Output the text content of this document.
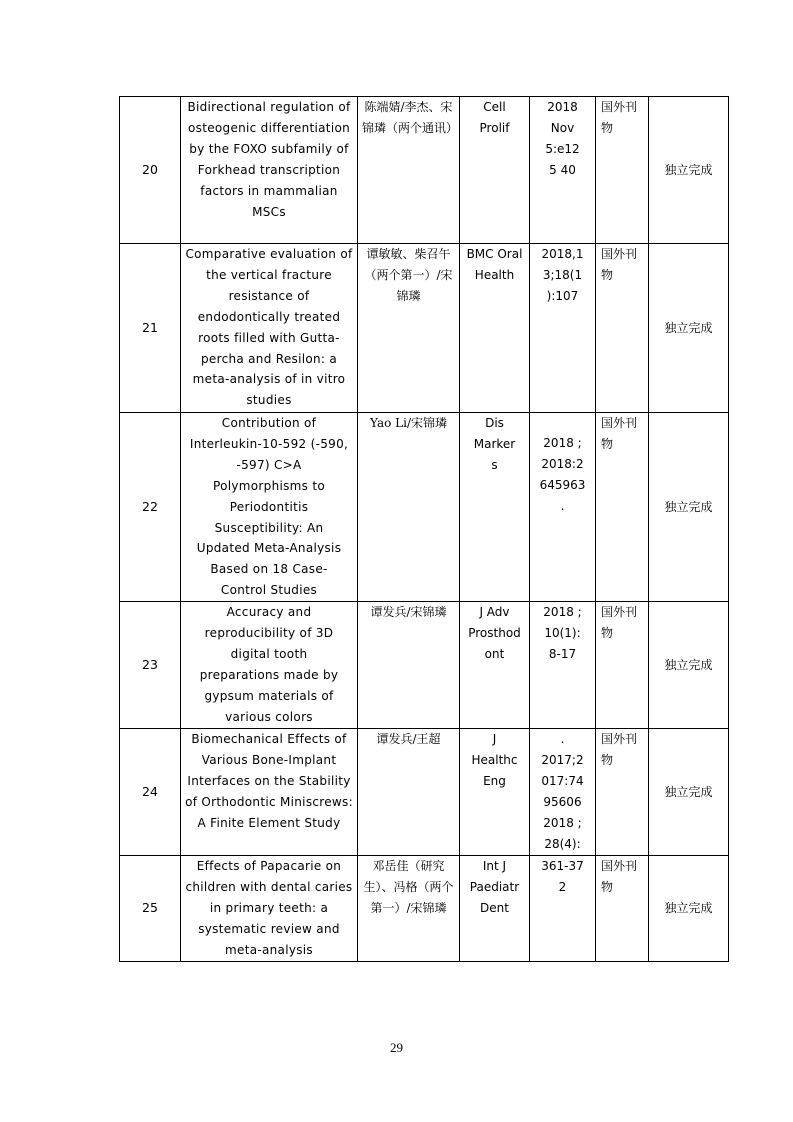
20	Bidirectional regulation of osteogenic differentiation by the FOXO subfamily of Forkhead transcription factors in mammalian MSCs	陈端婧/李杰、宋锦璘（两个通讯）	Cell Prolif	2018 Nov 5:e125 40	国外刊物	独立完成
21	Comparative evaluation of the vertical fracture resistance of endodontically treated roots filled with Gutta-percha and Resilon: a meta-analysis of in vitro studies	谭敏敏、柴召午（两个第一）/宋锦璘	BMC Oral Health	2018,1 3;18(1 ):107	国外刊物	独立完成
22	Contribution of Interleukin-10-592 (-590, -597) C>A Polymorphisms to Periodontitis Susceptibility: An Updated Meta-Analysis Based on 18 Case-Control Studies	Yao Li/宋锦璘	Dis Markers	2018 ; 2018:2 645963 .	国外刊物	独立完成
23	Accuracy and reproducibility of 3D digital tooth preparations made by gypsum materials of various colors	谭发兵/宋锦璘	J Adv Prosthodont	2018 ; 10(1): 8-17	国外刊物	独立完成
24	Biomechanical Effects of Various Bone-Implant Interfaces on the Stability of Orthodontic Miniscrews: A Finite Element Study	谭发兵/王超	J Healthc Eng	. 2017;2 017:74 95606 2018 ; 28(4):	国外刊物	独立完成
25	Effects of Papacarie on children with dental caries in primary teeth: a systematic review and meta-analysis	邓岳佳（研究生）、冯格（两个第一）/宋锦璘	Int J Paediatr Dent	361-37 2	国外刊物	独立完成
29
